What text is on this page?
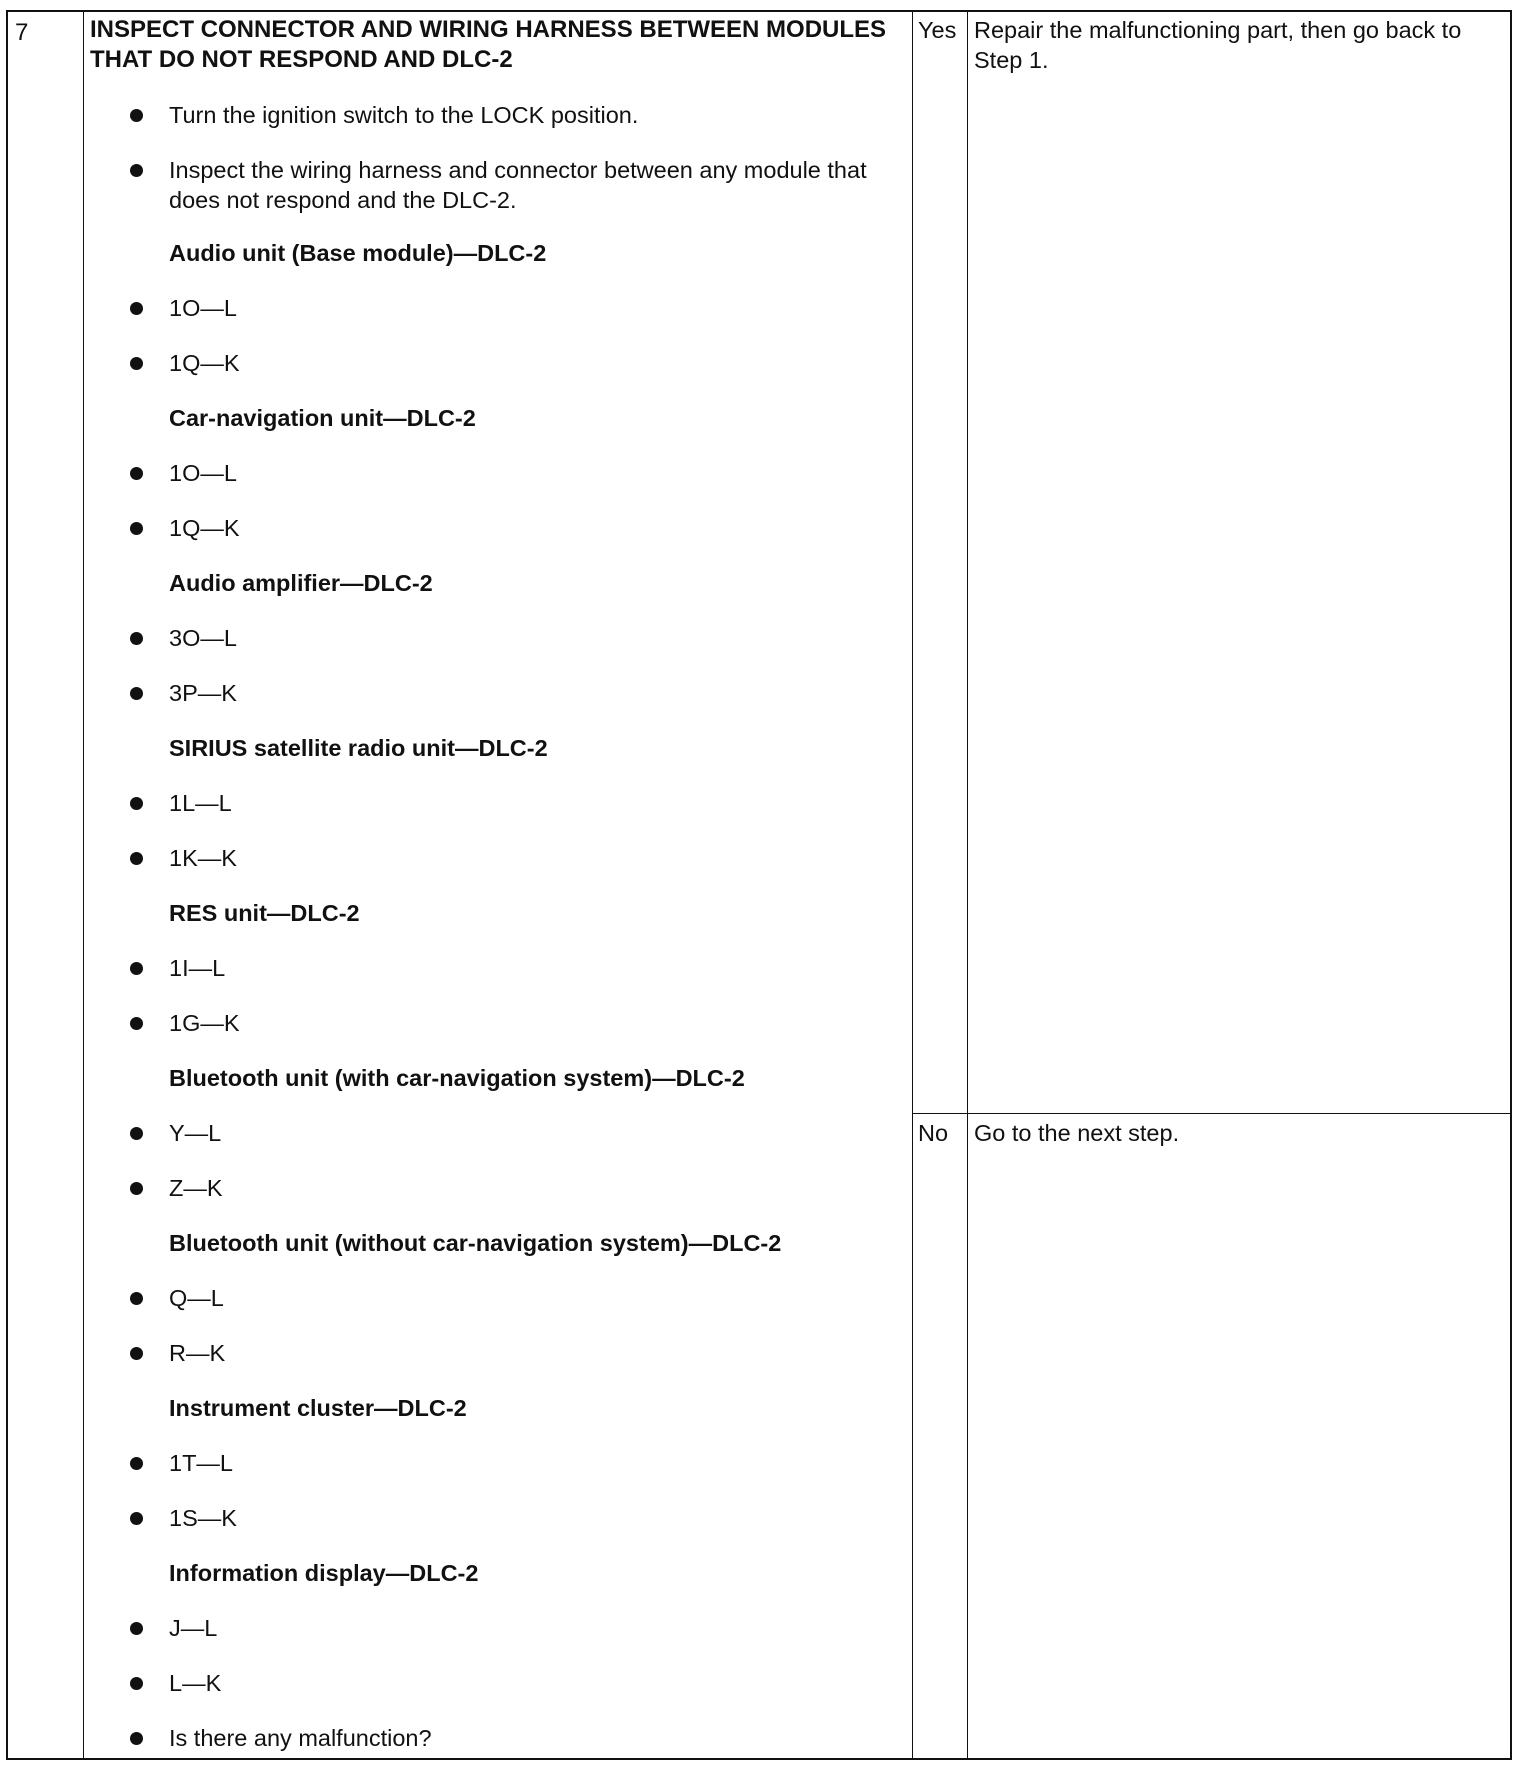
7	INSPECT CONNECTOR AND WIRING HARNESS BETWEEN MODULES THAT DO NOT RESPOND AND DLC-2
Turn the ignition switch to the LOCK position.
Inspect the wiring harness and connector between any module that does not respond and the DLC-2.
Audio unit (Base module)—DLC-2
1O—L
1Q—K
Car-navigation unit—DLC-2
1O—L
1Q—K
Audio amplifier—DLC-2
3O—L
3P—K
SIRIUS satellite radio unit—DLC-2
1L—L
1K—K
RES unit—DLC-2
1I—L
1G—K
Bluetooth unit (with car-navigation system)—DLC-2
Y—L
Z—K
Bluetooth unit (without car-navigation system)—DLC-2
Q—L
R—K
Instrument cluster—DLC-2
1T—L
1S—K
Information display—DLC-2
J—L
L—K
Is there any malfunction?
Yes Repair the malfunctioning part, then go back to Step 1.
No Go to the next step.
